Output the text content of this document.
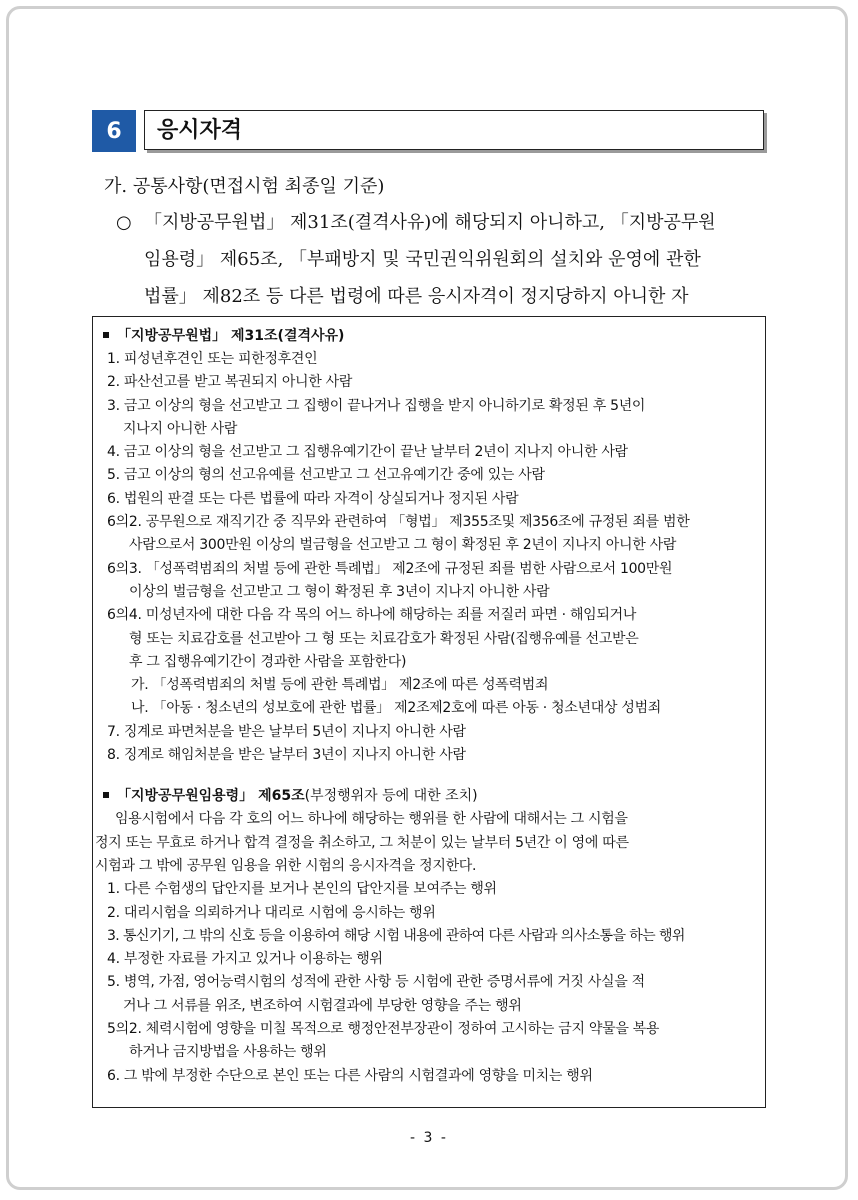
6	응시자격
가. 공통사항(면접시험 최종일 기준)
○ 「지방공무원법」 제31조(결격사유)에 해당되지 아니하고, 「지방공무원
임용령」 제65조, 「부패방지 및 국민권익위원회의 설치와 운영에 관한
법률」 제82조 등 다른 법령에 따른 응시자격이 정지당하지 아니한 자
「지방공무원법」 제31조(결격사유)
1. 피성년후견인 또는 피한정후견인
2. 파산선고를 받고 복권되지 아니한 사람
3. 금고 이상의 형을 선고받고 그 집행이 끝나거나 집행을 받지 아니하기로 확정된 후 5년이
지나지 아니한 사람
4. 금고 이상의 형을 선고받고 그 집행유예기간이 끝난 날부터 2년이 지나지 아니한 사람
5. 금고 이상의 형의 선고유예를 선고받고 그 선고유예기간 중에 있는 사람
6. 법원의 판결 또는 다른 법률에 따라 자격이 상실되거나 정지된 사람
6의2. 공무원으로 재직기간 중 직무와 관련하여 「형법」 제355조및 제356조에 규정된 죄를 범한
사람으로서 300만원 이상의 벌금형을 선고받고 그 형이 확정된 후 2년이 지나지 아니한 사람
6의3. 「성폭력범죄의 처벌 등에 관한 특례법」 제2조에 규정된 죄를 범한 사람으로서 100만원
이상의 벌금형을 선고받고 그 형이 확정된 후 3년이 지나지 아니한 사람
6의4. 미성년자에 대한 다음 각 목의 어느 하나에 해당하는 죄를 저질러 파면 · 해임되거나
형 또는 치료감호를 선고받아 그 형 또는 치료감호가 확정된 사람(집행유예를 선고받은
후 그 집행유예기간이 경과한 사람을 포함한다)
가. 「성폭력범죄의 처벌 등에 관한 특례법」 제2조에 따른 성폭력범죄
나. 「아동 · 청소년의 성보호에 관한 법률」 제2조제2호에 따른 아동 · 청소년대상 성범죄
7. 징계로 파면처분을 받은 날부터 5년이 지나지 아니한 사람
8. 징계로 해임처분을 받은 날부터 3년이 지나지 아니한 사람
「지방공무원임용령」 제65조(부정행위자 등에 대한 조치)
임용시험에서 다음 각 호의 어느 하나에 해당하는 행위를 한 사람에 대해서는 그 시험을
정지 또는 무효로 하거나 합격 결정을 취소하고, 그 처분이 있는 날부터 5년간 이 영에 따른
시험과 그 밖에 공무원 임용을 위한 시험의 응시자격을 정지한다.
1. 다른 수험생의 답안지를 보거나 본인의 답안지를 보여주는 행위
2. 대리시험을 의뢰하거나 대리로 시험에 응시하는 행위
3. 통신기기, 그 밖의 신호 등을 이용하여 해당 시험 내용에 관하여 다른 사람과 의사소통을 하는 행위
4. 부정한 자료를 가지고 있거나 이용하는 행위
5. 병역, 가점, 영어능력시험의 성적에 관한 사항 등 시험에 관한 증명서류에 거짓 사실을 적
거나 그 서류를 위조, 변조하여 시험결과에 부당한 영향을 주는 행위
5의2. 체력시험에 영향을 미칠 목적으로 행정안전부장관이 정하여 고시하는 금지 약물을 복용
하거나 금지방법을 사용하는 행위
6. 그 밖에 부정한 수단으로 본인 또는 다른 사람의 시험결과에 영향을 미치는 행위
- 3 -
